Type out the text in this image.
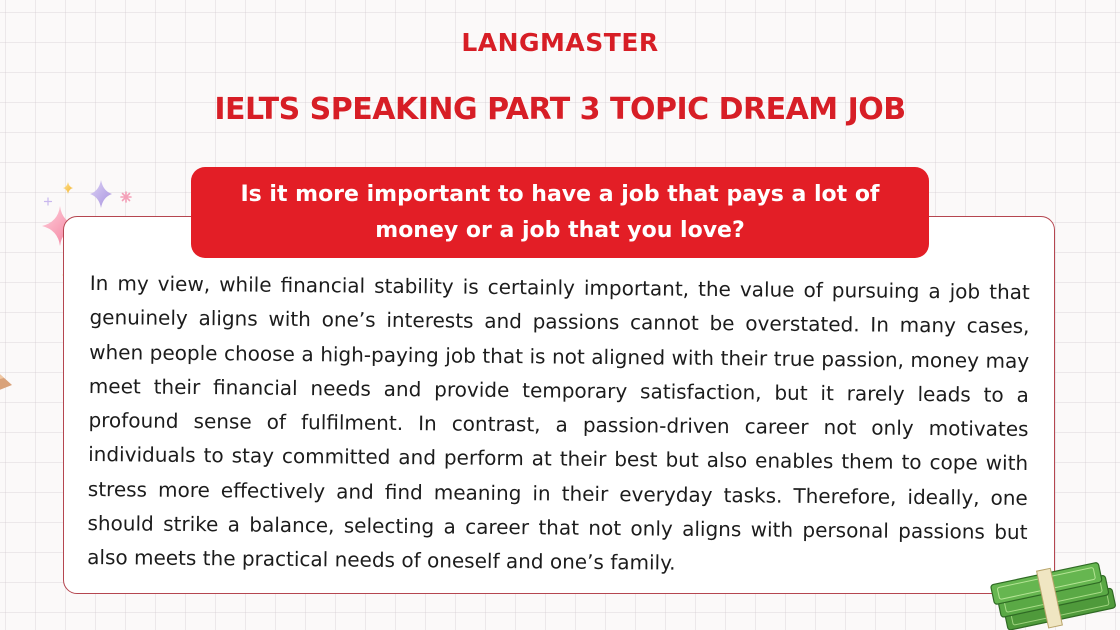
LANGMASTER
IELTS SPEAKING PART 3 TOPIC DREAM JOB

In my view, while financial stability is certainly important, the value of pursuing a job that genuinely aligns with one’s interests and passions cannot be overstated. In many cases, when people choose a high-paying job that is not aligned with their true passion, money may meet their financial needs and provide temporary satisfaction, but it rarely leads to a profound sense of fulfilment. In contrast, a passion-driven career not only motivates individuals to stay committed and perform at their best but also enables them to cope with stress more effectively and find meaning in their everyday tasks. Therefore, ideally, one should strike a balance, selecting a career that not only aligns with personal passions but also meets the practical needs of oneself and one’s family.

Is it more important to have a job that pays a lot of money or a job that you love?
